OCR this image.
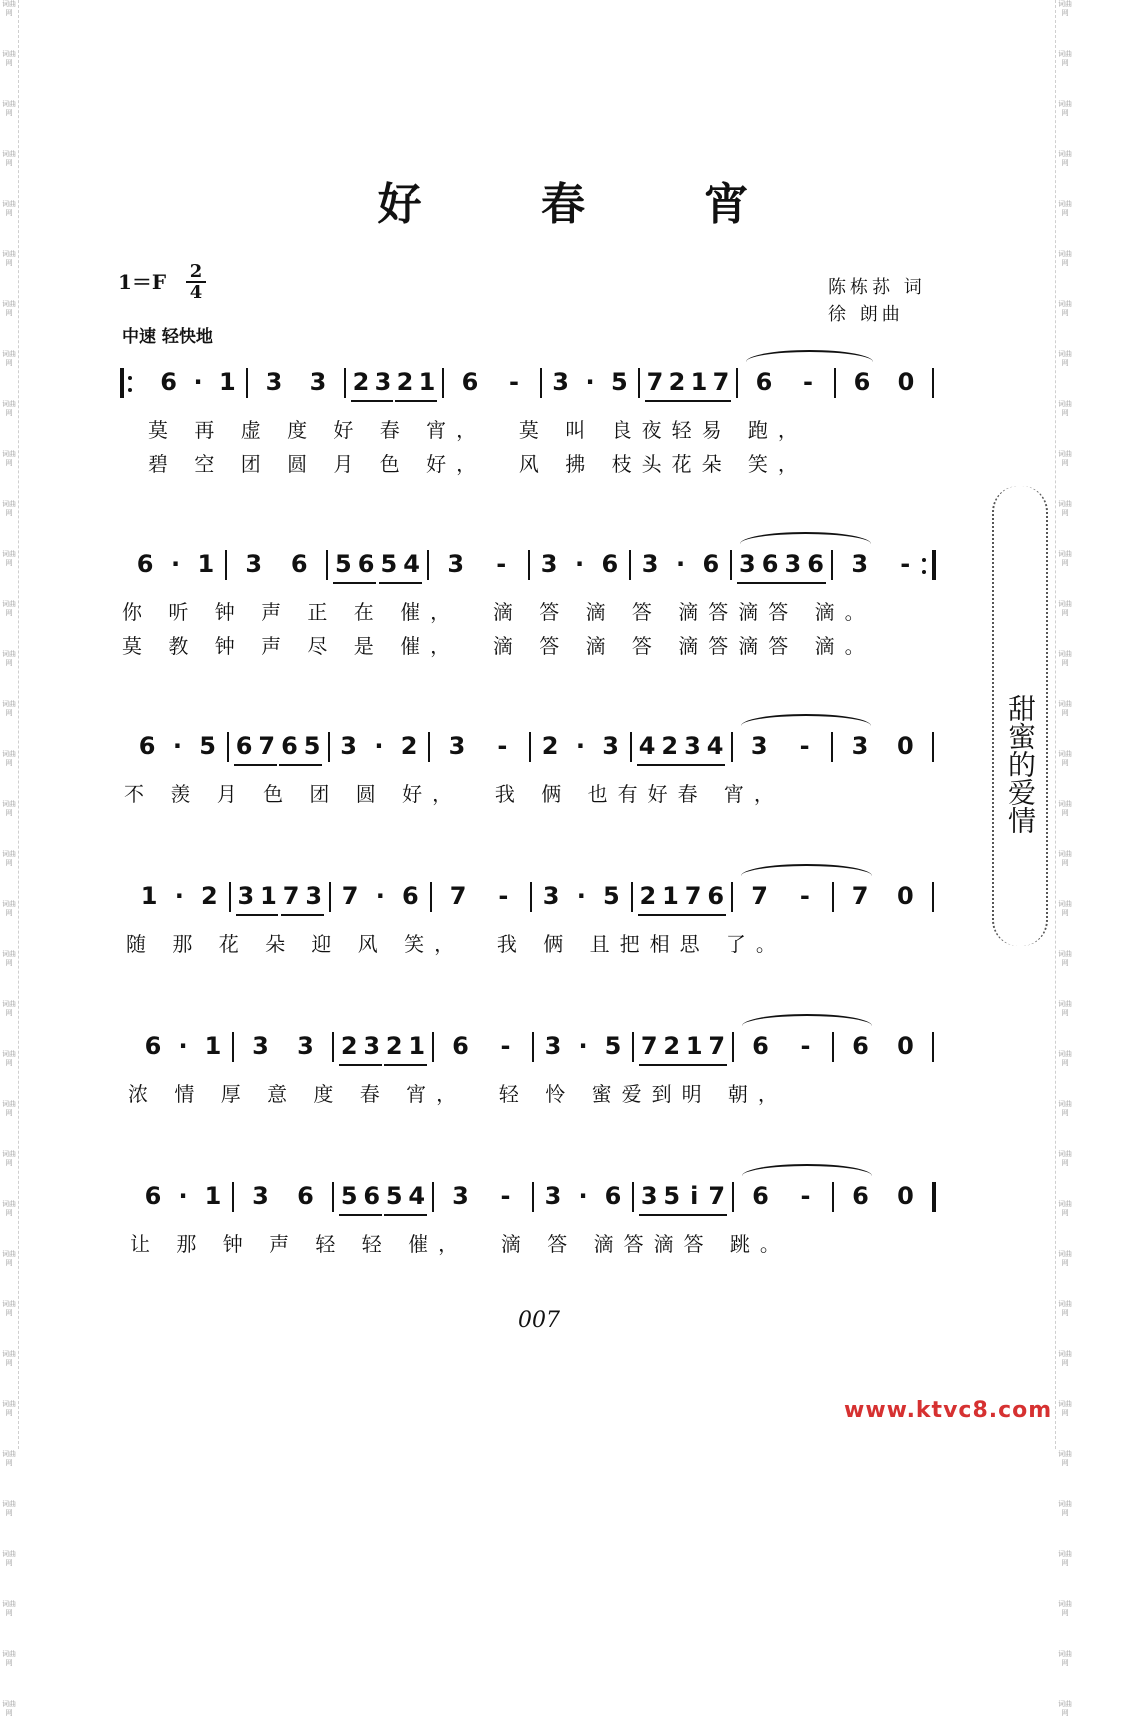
词曲网
词曲网
词曲网
词曲网
词曲网
词曲网
词曲网
词曲网
词曲网
词曲网
词曲网
词曲网
词曲网
词曲网
词曲网
词曲网
词曲网
词曲网
词曲网
词曲网
词曲网
词曲网
词曲网
词曲网
词曲网
词曲网
词曲网
词曲网
词曲网
词曲网
词曲网
词曲网
词曲网
词曲网
词曲网
词曲网
词曲网
词曲网
词曲网
词曲网
词曲网
词曲网
词曲网
词曲网
词曲网
词曲网
词曲网
词曲网
词曲网
词曲网
词曲网
词曲网
词曲网
词曲网
词曲网
词曲网
词曲网
词曲网
词曲网
词曲网
词曲网
词曲网
词曲网
词曲网
词曲网
词曲网
词曲网
词曲网
词曲网
词曲网
好 春 宵
1＝F 2
4
中速 轻快地
陈栋荪 词
徐 朗曲
6 · 1	3	3	2 3 2 1	6	-	3 · 5 7 2 1 7	6	-	6	0
莫 再 虚 度 好 春 宵，  莫 叫 良夜轻易 跑，
碧 空 团 圆 月 色 好，  风 拂 枝头花朵 笑，
6 · 1	3	6	5 6 5 4	3	-	3 · 6 3 · 6 3 6 3 6	3	-
你 听 钟 声 正 在 催，  滴 答 滴 答 滴答滴答 滴。
莫 教 钟 声 尽 是 催，  滴 答 滴 答 滴答滴答 滴。
6 · 5 6 7 6 5 3 · 2	3	-	2 · 3 4 2 3 4	3	-	3	0
不 羡 月 色 团 圆 好，  我 俩 也有好春 宵，
1 · 2 3 1 7 3 7 · 6	7	-	3 · 5 2 1 7 6	7	-	7	0
随 那 花 朵 迎 风 笑，  我 俩 且把相思 了。
6 · 1	3	3	2 3 2 1	6	-	3 · 5 7 2 1 7	6	-	6	0
浓 情 厚 意 度 春 宵，  轻 怜 蜜爱到明 朝，
6 · 1	3	6	5 6 5 4	3	-	3 · 6 3 5 i 7	6	-	6	0
让 那 钟 声 轻 轻 催，  滴 答 滴答滴答 跳。
甜蜜的爱情
007
www.ktvc8.com
